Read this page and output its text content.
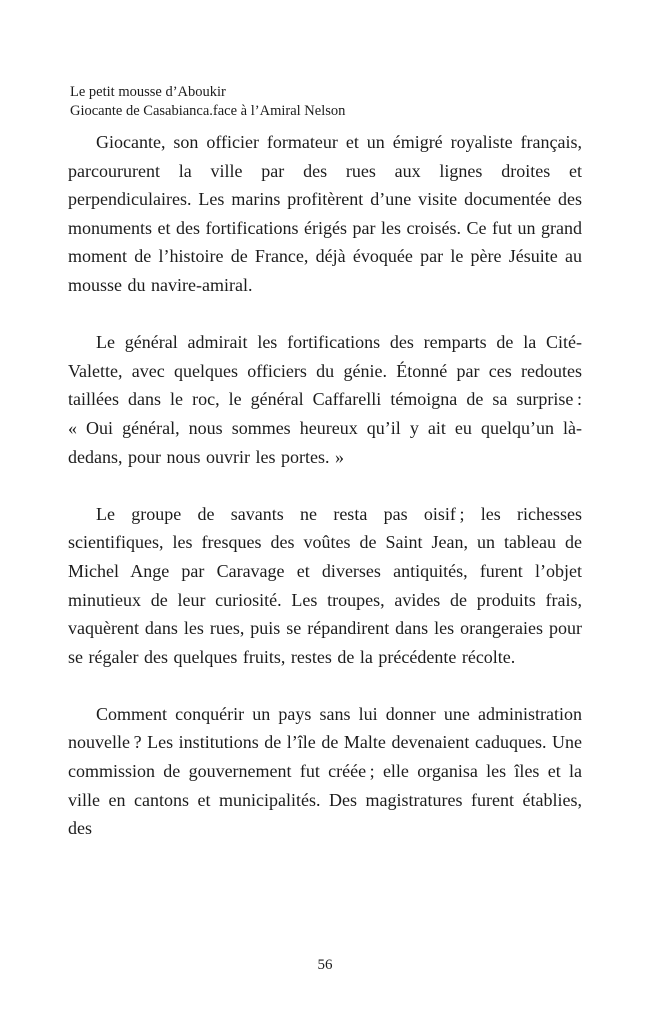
Le petit mousse d’Aboukir
Giocante de Casabianca.face à l’Amiral Nelson

Giocante, son officier formateur et un émigré royaliste français, parcoururent la ville par des rues aux lignes droites et perpendiculaires. Les marins profitèrent d’une visite documentée des monuments et des fortifications érigés par les croisés. Ce fut un grand moment de l’histoire de France, déjà évoquée par le père Jésuite au mousse du navire-amiral.

Le général admirait les fortifications des remparts de la Cité-Valette, avec quelques officiers du génie. Étonné par ces redoutes taillées dans le roc, le général Caffarelli témoigna de sa surprise : « Oui général, nous sommes heureux qu’il y ait eu quelqu’un là-dedans, pour nous ouvrir les portes. »

Le groupe de savants ne resta pas oisif ; les richesses scientifiques, les fresques des voûtes de Saint Jean, un tableau de Michel Ange par Caravage et diverses antiquités, furent l’objet minutieux de leur curiosité. Les troupes, avides de produits frais, vaquèrent dans les rues, puis se répandirent dans les orangeraies pour se régaler des quelques fruits, restes de la précédente récolte.

Comment conquérir un pays sans lui donner une administration nouvelle ? Les institutions de l’île de Malte devenaient caduques. Une commission de gouvernement fut créée ; elle organisa les îles et la ville en cantons et municipalités. Des magistratures furent établies, des

56
